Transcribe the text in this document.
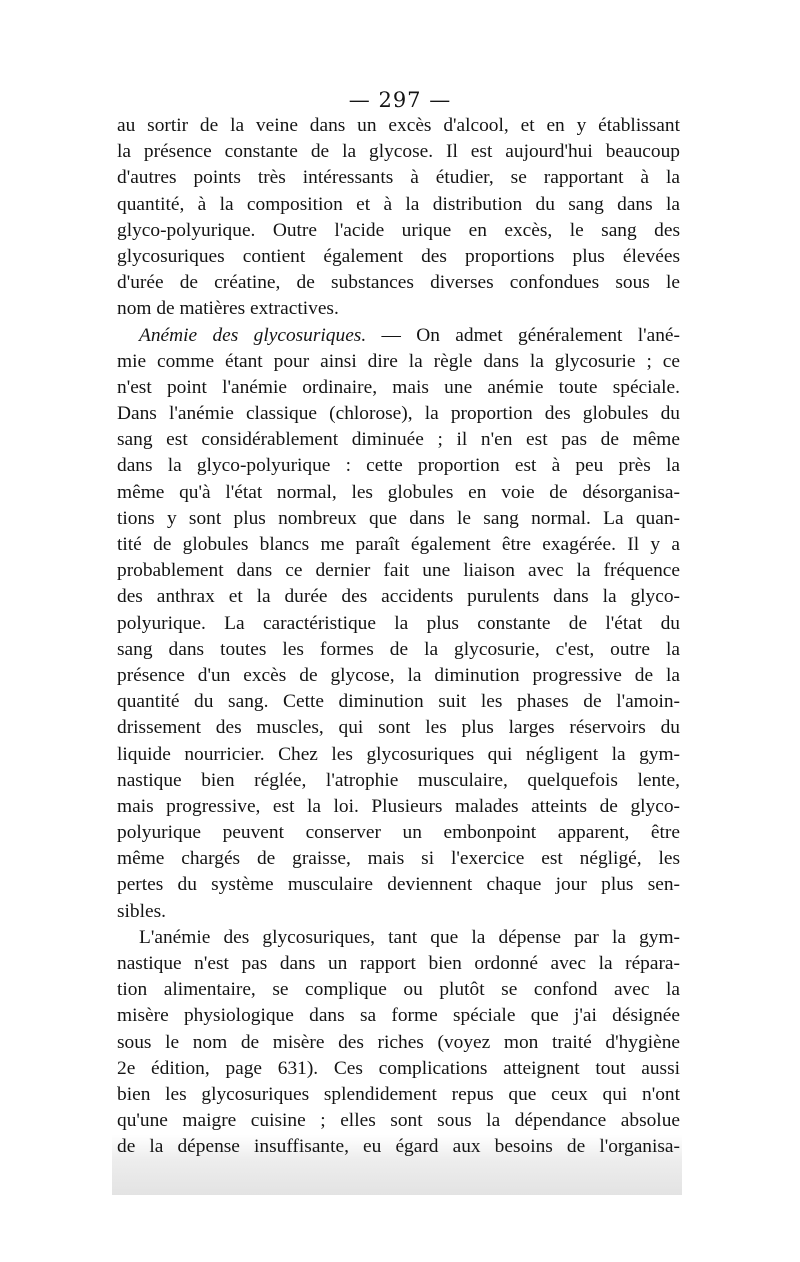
— 297 —
au sortir de la veine dans un excès d'alcool, et en y établissant
la présence constante de la glycose. Il est aujourd'hui beaucoup
d'autres points très intéressants à étudier, se rapportant à la
quantité, à la composition et à la distribution du sang dans la
glyco-polyurique. Outre l'acide urique en excès, le sang des
glycosuriques contient également des proportions plus élevées
d'urée de créatine, de substances diverses confondues sous le
nom de matières extractives.
Anémie des glycosuriques. — On admet généralement l'ané-
mie comme étant pour ainsi dire la règle dans la glycosurie ; ce
n'est point l'anémie ordinaire, mais une anémie toute spéciale.
Dans l'anémie classique (chlorose), la proportion des globules du
sang est considérablement diminuée ; il n'en est pas de même
dans la glyco-polyurique : cette proportion est à peu près la
même qu'à l'état normal, les globules en voie de désorganisa-
tions y sont plus nombreux que dans le sang normal. La quan-
tité de globules blancs me paraît également être exagérée. Il y a
probablement dans ce dernier fait une liaison avec la fréquence
des anthrax et la durée des accidents purulents dans la glyco-
polyurique. La caractéristique la plus constante de l'état du
sang dans toutes les formes de la glycosurie, c'est, outre la
présence d'un excès de glycose, la diminution progressive de la
quantité du sang. Cette diminution suit les phases de l'amoin-
drissement des muscles, qui sont les plus larges réservoirs du
liquide nourricier. Chez les glycosuriques qui négligent la gym-
nastique bien réglée, l'atrophie musculaire, quelquefois lente,
mais progressive, est la loi. Plusieurs malades atteints de glyco-
polyurique peuvent conserver un embonpoint apparent, être
même chargés de graisse, mais si l'exercice est négligé, les
pertes du système musculaire deviennent chaque jour plus sen-
sibles.
L'anémie des glycosuriques, tant que la dépense par la gym-
nastique n'est pas dans un rapport bien ordonné avec la répara-
tion alimentaire, se complique ou plutôt se confond avec la
misère physiologique dans sa forme spéciale que j'ai désignée
sous le nom de misère des riches (voyez mon traité d'hygiène
2e édition, page 631). Ces complications atteignent tout aussi
bien les glycosuriques splendidement repus que ceux qui n'ont
qu'une maigre cuisine ; elles sont sous la dépendance absolue
de la dépense insuffisante, eu égard aux besoins de l'organisa-
